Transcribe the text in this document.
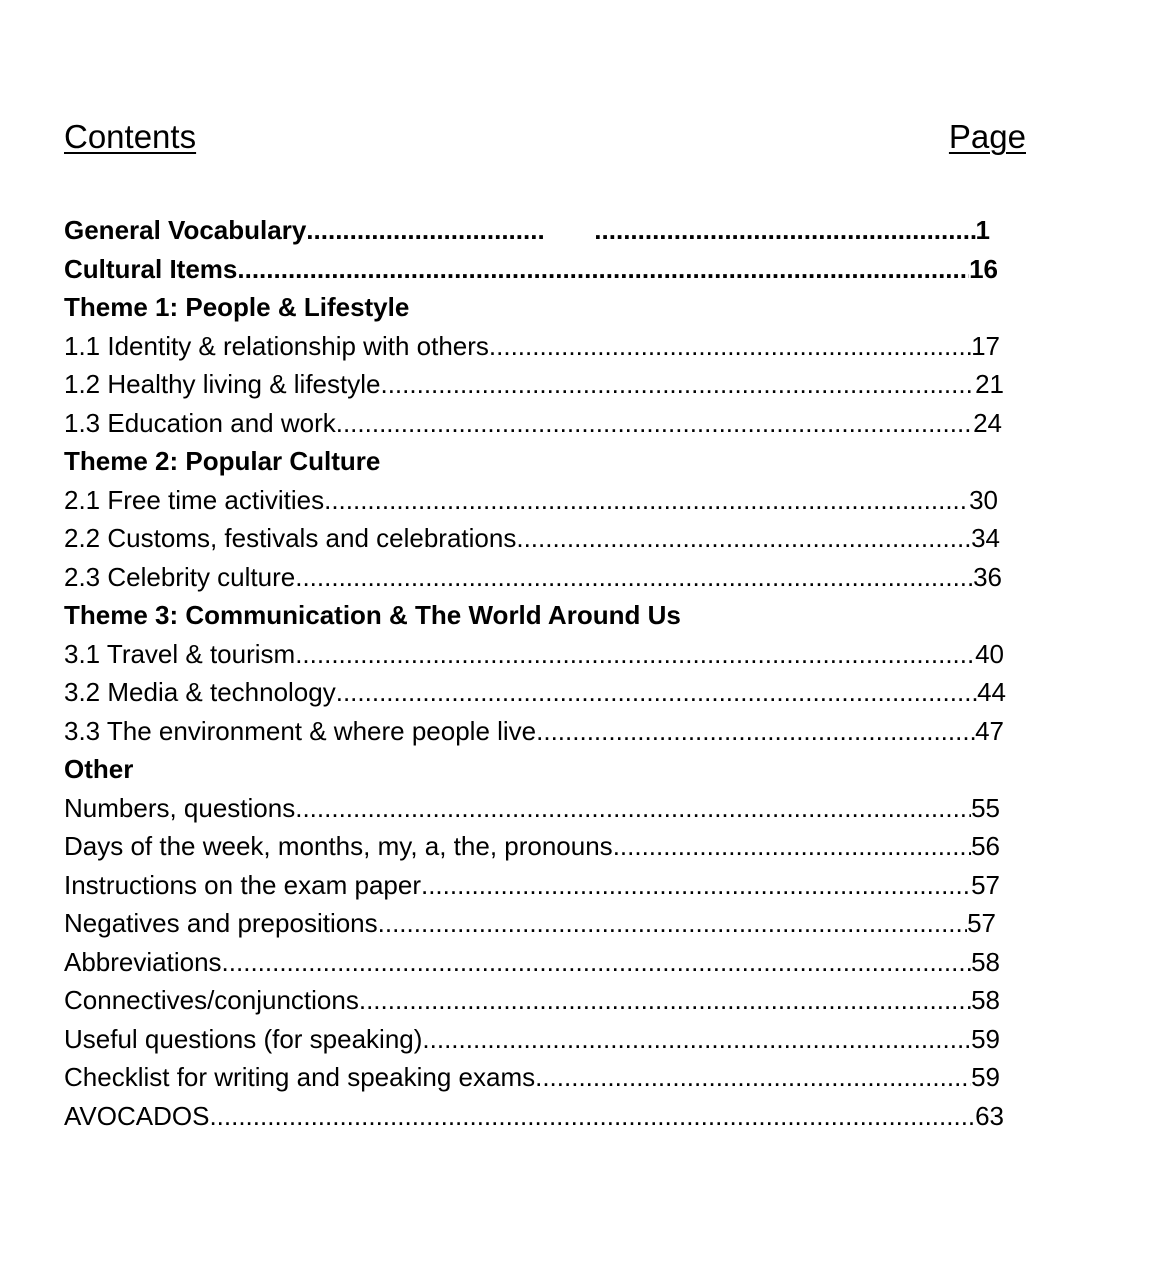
Contents	Page
General Vocabulary ..... .....	1
Cultural Items .....	16
Theme 1: People & Lifestyle
1.1 Identity & relationship with others .....	17
1.2 Healthy living & lifestyle .....	21
1.3 Education and work .....	24
Theme 2: Popular Culture
2.1 Free time activities .....	30
2.2 Customs, festivals and celebrations .....	34
2.3 Celebrity culture .....	36
Theme 3: Communication & The World Around Us
3.1 Travel & tourism .....	40
3.2 Media & technology .....	44
3.3 The environment & where people live .....	47
Other
Numbers, questions .....	55
Days of the week, months, my, a, the, pronouns .....	56
Instructions on the exam paper .....	57
Negatives and prepositions .....	57
Abbreviations .....	58
Connectives/conjunctions .....	58
Useful questions (for speaking) .....	59
Checklist for writing and speaking exams .....	59
AVOCADOS .....	63
